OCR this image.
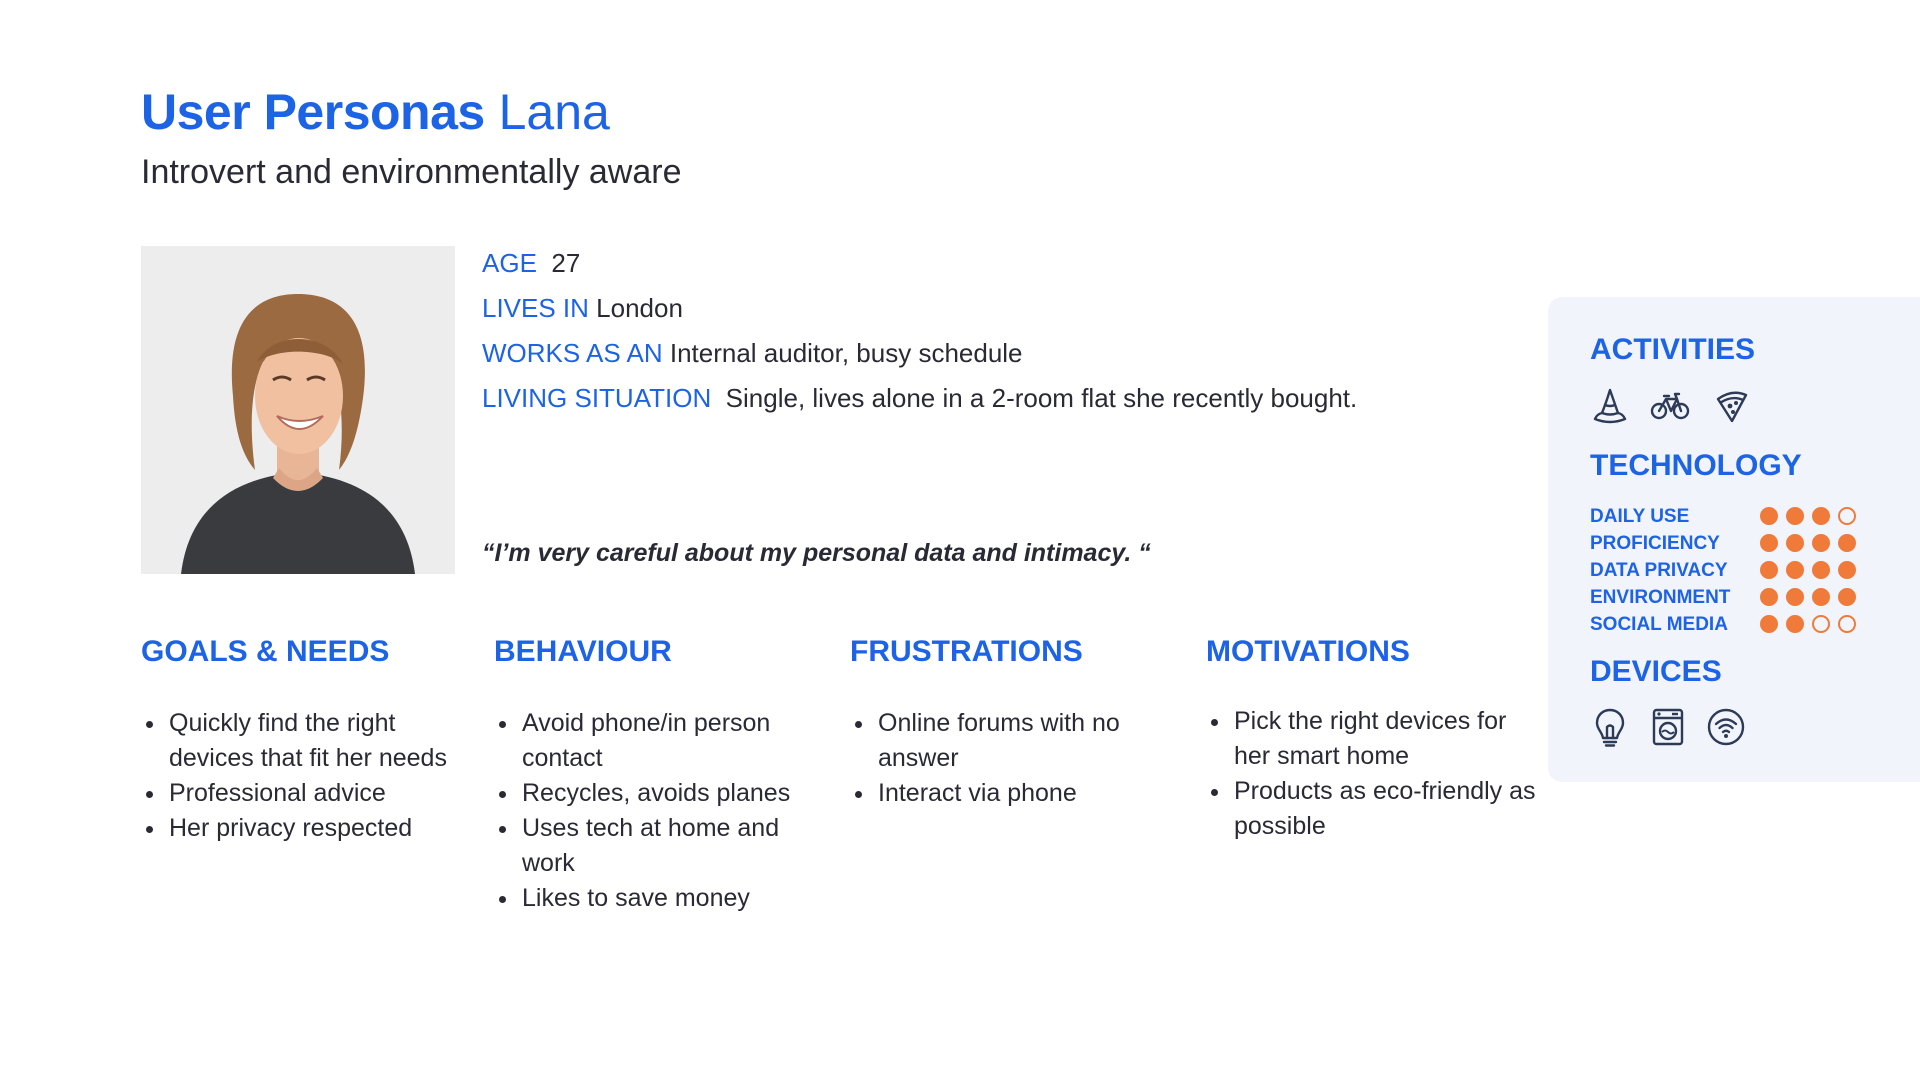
User Personas Lana
Introvert and environmentally aware
AGE 27
LIVES IN London
WORKS AS AN Internal auditor, busy schedule
LIVING SITUATION Single, lives alone in a 2-room flat she recently bought.
“I’m very careful about my personal data and intimacy. “
GOALS & NEEDS
Quickly find the right devices that fit her needs
Professional advice
Her privacy respected
BEHAVIOUR
Avoid phone/in person contact
Recycles, avoids planes
Uses tech at home and work
Likes to save money
FRUSTRATIONS
Online forums with no answer
Interact via phone
MOTIVATIONS
Pick the right devices for her smart home
Products as eco-friendly as possible
ACTIVITIES
TECHNOLOGY
DAILY USE
PROFICIENCY
DATA PRIVACY
ENVIRONMENT
SOCIAL MEDIA
DEVICES
